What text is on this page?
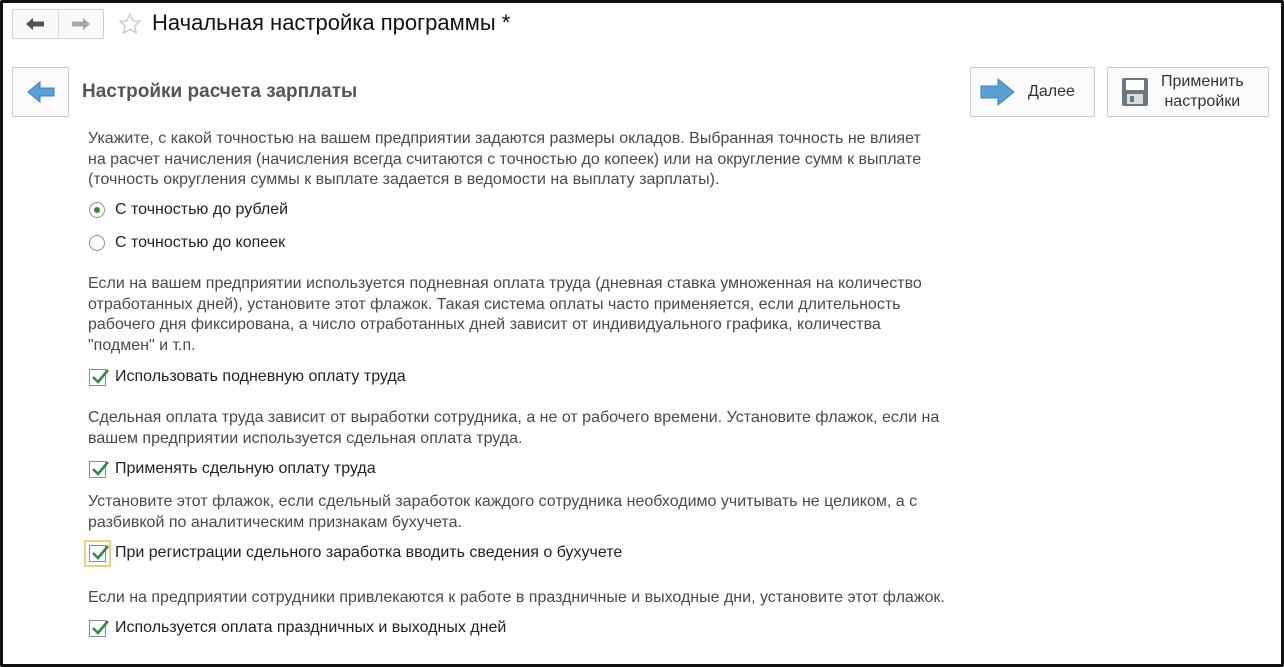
Начальная настройка программы *
Настройки расчета зарплаты	Далее
Применить
настройки

Укажите, с какой точностью на вашем предприятии задаются размеры окладов. Выбранная точность не влияет
на расчет начисления (начисления всегда считаются с точностью до копеек) или на округление сумм к выплате
(точность округления суммы к выплате задается в ведомости на выплату зарплаты).

С точностью до рублей
С точностью до копеек

Если на вашем предприятии используется подневная оплата труда (дневная ставка умноженная на количество
отработанных дней), установите этот флажок. Такая система оплаты часто применяется, если длительность
рабочего дня фиксирована, а число отработанных дней зависит от индивидуального графика, количества
"подмен" и т.п.

Использовать подневную оплату труда

Сдельная оплата труда зависит от выработки сотрудника, а не от рабочего времени. Установите флажок, если на
вашем предприятии используется сдельная оплата труда.

Применять сдельную оплату труда

Установите этот флажок, если сдельный заработок каждого сотрудника необходимо учитывать не целиком, а с
разбивкой по аналитическим признакам бухучета.

При регистрации сдельного заработка вводить сведения о бухучете

Если на предприятии сотрудники привлекаются к работе в праздничные и выходные дни, установите этот флажок.

Используется оплата праздничных и выходных дней
